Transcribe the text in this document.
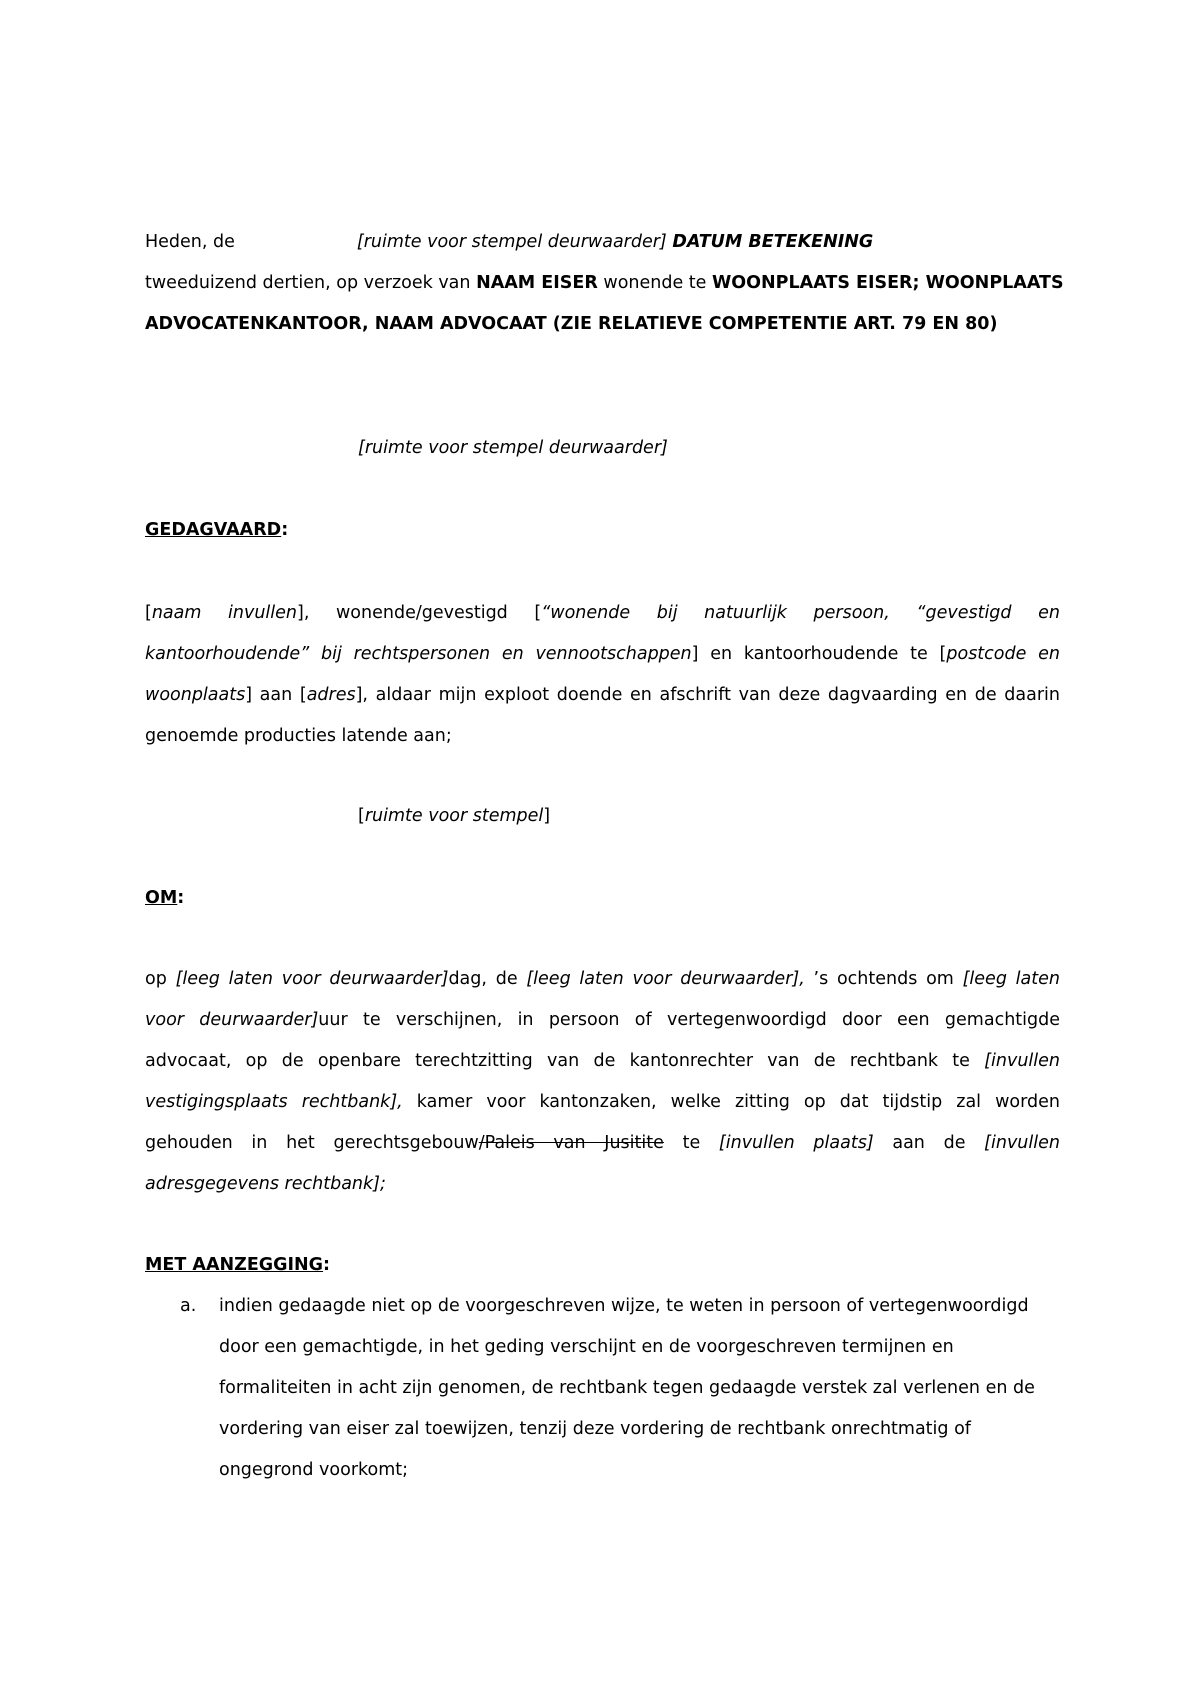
Heden, de	[ruimte voor stempel deurwaarder] DATUM BETEKENING
tweeduizend dertien, op verzoek van NAAM EISER wonende te WOONPLAATS EISER; WOONPLAATS
ADVOCATENKANTOOR, NAAM ADVOCAAT (ZIE RELATIEVE COMPETENTIE ART. 79 EN 80)
[ruimte voor stempel deurwaarder]
GEDAGVAARD:
[naam invullen], wonende/gevestigd [“wonende bij natuurlijk persoon, “gevestigd en
kantoorhoudende” bij rechtspersonen en vennootschappen] en kantoorhoudende te [postcode en
woonplaats] aan [adres], aldaar mijn exploot doende en afschrift van deze dagvaarding en de daarin
genoemde producties latende aan;
[ruimte voor stempel]
OM:
op [leeg laten voor deurwaarder]dag, de [leeg laten voor deurwaarder], ’s ochtends om [leeg laten
voor deurwaarder]uur te verschijnen, in persoon of vertegenwoordigd door een gemachtigde
advocaat, op de openbare terechtzitting van de kantonrechter van de rechtbank te [invullen
vestigingsplaats rechtbank], kamer voor kantonzaken, welke zitting op dat tijdstip zal worden
gehouden in het gerechtsgebouw/Paleis van Jusitite te [invullen plaats] aan de [invullen
adresgegevens rechtbank];
MET AANZEGGING:
a. indien gedaagde niet op de voorgeschreven wijze, te weten in persoon of vertegenwoordigd
door een gemachtigde, in het geding verschijnt en de voorgeschreven termijnen en
formaliteiten in acht zijn genomen, de rechtbank tegen gedaagde verstek zal verlenen en de
vordering van eiser zal toewijzen, tenzij deze vordering de rechtbank onrechtmatig of
ongegrond voorkomt;
